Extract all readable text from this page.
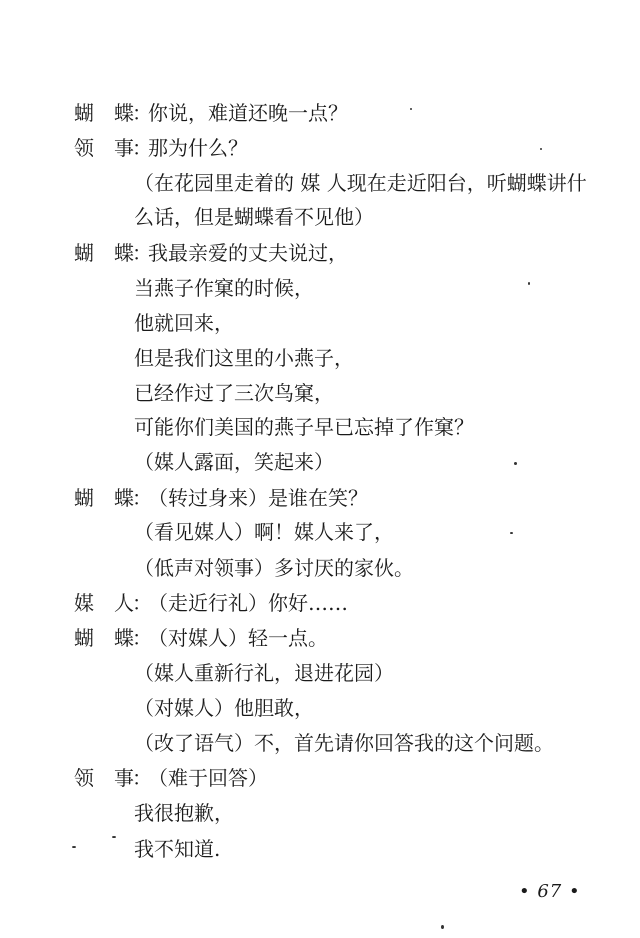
蝴　蝶
：
你说，难道还晚一点？
领　事
：
那为什么？
（在花园里走着的 媒 人现在走近阳台，听蝴蝶讲什
么话，但是蝴蝶看不见他）
蝴　蝶
：
我最亲爱的丈夫说过，
当燕子作窠的时候，
他就回来，
但是我们这里的小燕子，
已经作过了三次鸟窠，
可能你们美国的燕子早已忘掉了作窠？
（媒人露面，笑起来）
蝴　蝶
：
（转过身来）是谁在笑？
（看见媒人）啊！媒人来了，
（低声对领事）多讨厌的家伙。
媒　人
：
（走近行礼）你好……
蝴　蝶
：
（对媒人）轻一点。
（媒人重新行礼，退进花园）
（对媒人）他胆敢，
（改了语气）不，首先请你回答我的这个问题。
领　事
：
（难于回答）
我很抱歉，
我不知道.
• 67 •
